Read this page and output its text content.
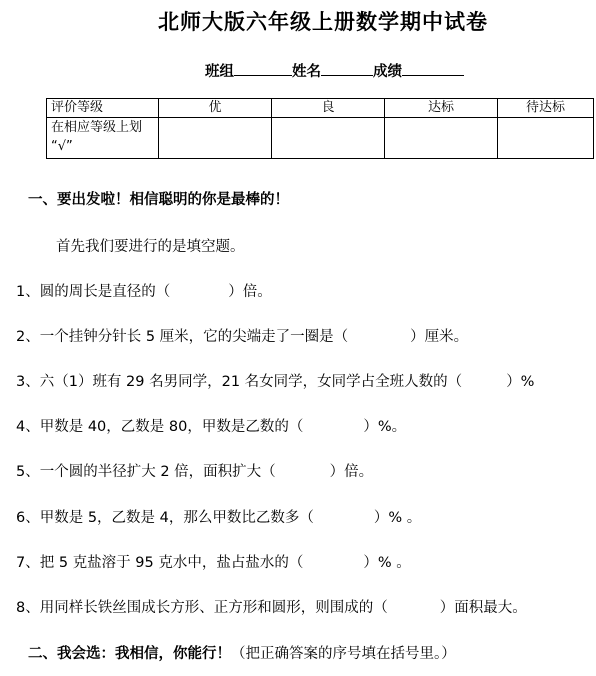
北师大版六年级上册数学期中试卷
班组	姓名	成绩
评价等级	优	良	达标	待达标
在相应等级上划
“√”				
一、要出发啦！相信聪明的你是最棒的！
首先我们要进行的是填空题。
1、圆的周长是直径的（	）倍。
2、一个挂钟分针长 5 厘米，它的尖端走了一圈是（	）厘米。
3、六（1）班有 29 名男同学，21 名女同学，女同学占全班人数的（	）%
4、甲数是 40，乙数是 80，甲数是乙数的（	）%。
5、一个圆的半径扩大 2 倍，面积扩大（	）倍。
6、甲数是 5，乙数是 4，那么甲数比乙数多（	）% 。
7、把 5 克盐溶于 95 克水中，盐占盐水的（	）% 。
8、用同样长铁丝围成长方形、正方形和圆形，则围成的（	）面积最大。
二、我会选：我相信，你能行！（把正确答案的序号填在括号里。）
